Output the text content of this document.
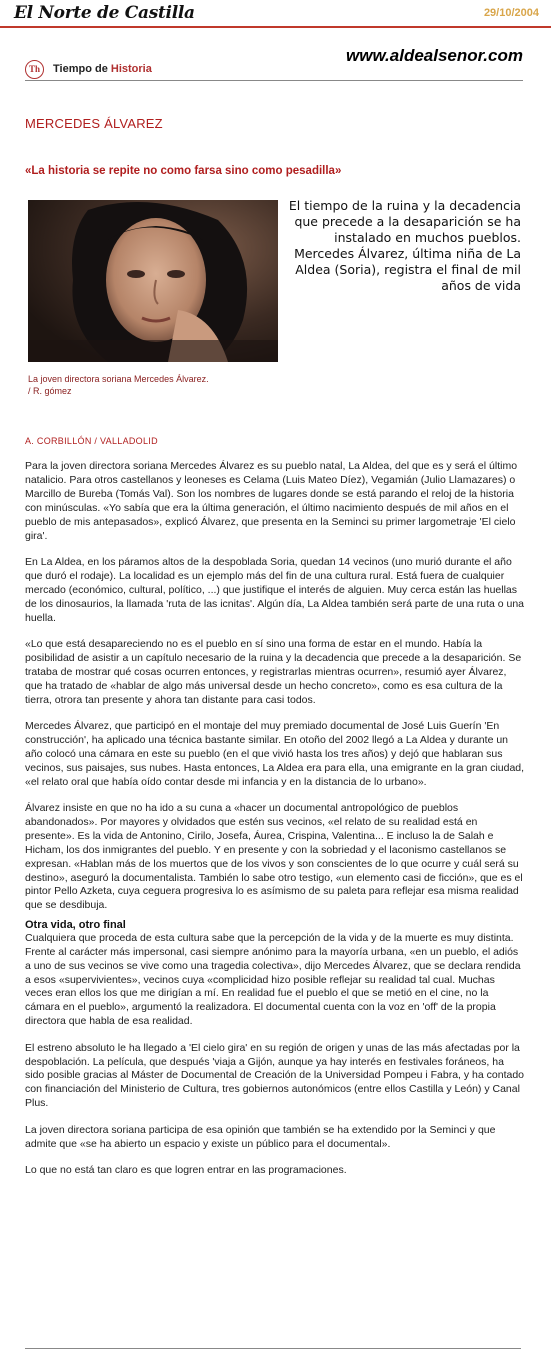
El Norte de Castilla	29/10/2004
Th	Tiempo de Historia
www.aldealsenor.com
MERCEDES ÁLVAREZ
«La historia se repite no como farsa sino como pesadilla»
La joven directora soriana Mercedes Álvarez.
/ R. gómez
El tiempo de la ruina y la decadencia que precede a la desaparición se ha instalado en muchos pueblos. Mercedes Álvarez, última niña de La Aldea (Soria), registra el final de mil años de vida
A. CORBILLÓN / VALLADOLID

Para la joven directora soriana Mercedes Álvarez es su pueblo natal, La Aldea, del que es y será el último natalicio. Para otros castellanos y leoneses es Celama (Luis Mateo Díez), Vegamián (Julio Llamazares) o Marcillo de Bureba (Tomás Val). Son los nombres de lugares donde se está parando el reloj de la historia con minúsculas. «Yo sabía que era la última generación, el último nacimiento después de mil años en el pueblo de mis antepasados», explicó Álvarez, que presenta en la Seminci su primer largometraje 'El cielo gira'.

En La Aldea, en los páramos altos de la despoblada Soria, quedan 14 vecinos (uno murió durante el año que duró el rodaje). La localidad es un ejemplo más del fin de una cultura rural. Está fuera de cualquier mercado (económico, cultural, político, ...) que justifique el interés de alguien. Muy cerca están las huellas de los dinosaurios, la llamada 'ruta de las icnitas'. Algún día, La Aldea también será parte de una ruta o una huella.

«Lo que está desapareciendo no es el pueblo en sí sino una forma de estar en el mundo. Había la posibilidad de asistir a un capítulo necesario de la ruina y la decadencia que precede a la desaparición. Se trataba de mostrar qué cosas ocurren entonces, y registrarlas mientras ocurren», resumió ayer Álvarez, que ha tratado de «hablar de algo más universal desde un hecho concreto», como es esa cultura de la tierra, otrora tan presente y ahora tan distante para casi todos.

Mercedes Álvarez, que participó en el montaje del muy premiado documental de José Luis Guerín 'En construcción', ha aplicado una técnica bastante similar. En otoño del 2002 llegó a La Aldea y durante un año colocó una cámara en este su pueblo (en el que vivió hasta los tres años) y dejó que hablaran sus vecinos, sus paisajes, sus nubes. Hasta entonces, La Aldea era para ella, una emigrante en la gran ciudad, «el relato oral que había oído contar desde mi infancia y en la distancia de lo urbano».

Álvarez insiste en que no ha ido a su cuna a «hacer un documental antropológico de pueblos abandonados». Por mayores y olvidados que estén sus vecinos, «el relato de su realidad está en presente». Es la vida de Antonino, Cirilo, Josefa, Áurea, Crispina, Valentina... E incluso la de Salah e Hicham, los dos inmigrantes del pueblo. Y en presente y con la sobriedad y el laconismo castellanos se expresan. «Hablan más de los muertos que de los vivos y son conscientes de lo que ocurre y cuál será su destino», aseguró la documentalista. También lo sabe otro testigo, «un elemento casi de ficción», que es el pintor Pello Azketa, cuya ceguera progresiva lo es asímismo de su paleta para reflejar esa misma realidad que se desdibuja.

Otra vida, otro final

Cualquiera que proceda de esta cultura sabe que la percepción de la vida y de la muerte es muy distinta. Frente al carácter más impersonal, casi siempre anónimo para la mayoría urbana, «en un pueblo, el adiós a uno de sus vecinos se vive como una tragedia colectiva», dijo Mercedes Álvarez, que se declara rendida a esos «supervivientes», vecinos cuya «complicidad hizo posible reflejar su realidad tal cual. Muchas veces eran ellos los que me dirigían a mí. En realidad fue el pueblo el que se metió en el cine, no la cámara en el pueblo», argumentó la realizadora. El documental cuenta con la voz en 'off' de la propia directora que habla de esa realidad.

El estreno absoluto le ha llegado a 'El cielo gira' en su región de origen y unas de las más afectadas por la despoblación. La película, que después 'viaja a Gijón, aunque ya hay interés en festivales foráneos, ha sido posible gracias al Máster de Documental de Creación de la Universidad Pompeu i Fabra, y ha contado con financiación del Ministerio de Cultura, tres gobiernos autonómicos (entre ellos Castilla y León) y Canal Plus.

La joven directora soriana participa de esa opinión que también se ha extendido por la Seminci y que admite que «se ha abierto un espacio y existe un público para el documental».

Lo que no está tan claro es que logren entrar en las programaciones.
